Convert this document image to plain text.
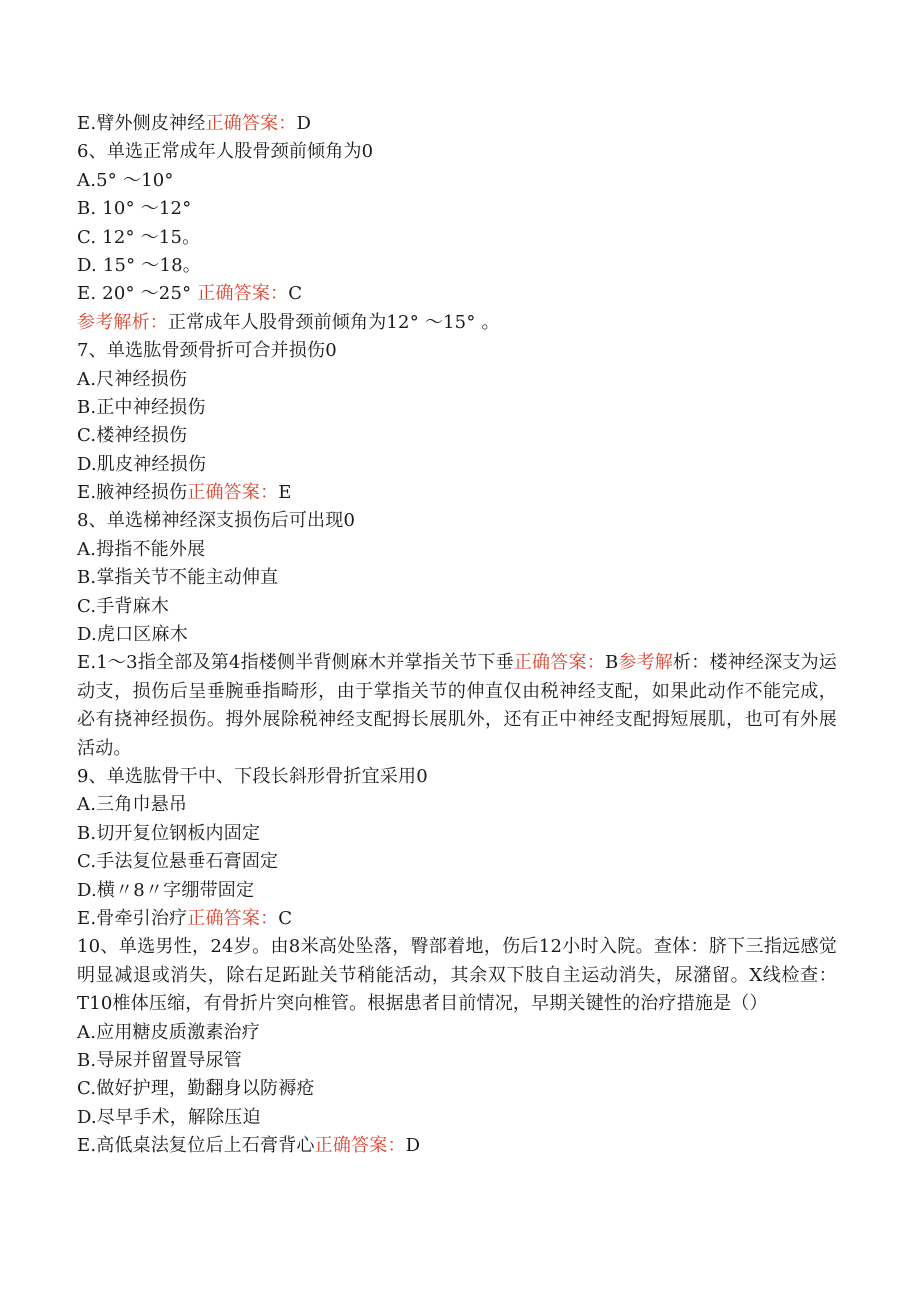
E.臂外侧皮神经正确答案：D
6、单选正常成年人股骨颈前倾角为0
A.5° ～10°
B. 10° ～12°
C. 12° ～15。
D. 15° ～18。
E. 20° ～25° 正确答案：C
参考解析：正常成年人股骨颈前倾角为12° ～15° 。
7、单选肱骨颈骨折可合并损伤0
A.尺神经损伤
B.正中神经损伤
C.楼神经损伤
D.肌皮神经损伤
E.腋神经损伤正确答案：E
8、单选梯神经深支损伤后可出现0
A.拇指不能外展
B.掌指关节不能主动伸直
C.手背麻木
D.虎口区麻木
E.1～3指全部及第4指楼侧半背侧麻木并掌指关节下垂正确答案：B参考解析：楼神经深支为运动支，损伤后呈垂腕垂指畸形，由于掌指关节的伸直仅由税神经支配，如果此动作不能完成，必有挠神经损伤。拇外展除税神经支配拇长展肌外，还有正中神经支配拇短展肌，也可有外展活动。
9、单选肱骨干中、下段长斜形骨折宜采用0
A.三角巾悬吊
B.切开复位钢板内固定
C.手法复位悬垂石膏固定
D.横〃8〃字绷带固定
E.骨牵引治疗正确答案：C
10、单选男性，24岁。由8米高处坠落，臀部着地，伤后12小时入院。查体：脐下三指远感觉明显减退或消失，除右足跖趾关节稍能活动，其余双下肢自主运动消失，尿潴留。X线检查：T10椎体压缩，有骨折片突向椎管。根据患者目前情况，早期关键性的治疗措施是（）
A.应用糖皮质激素治疗
B.导尿并留置导尿管
C.做好护理，勤翻身以防褥疮
D.尽早手术，解除压迫
E.高低桌法复位后上石膏背心正确答案：D
